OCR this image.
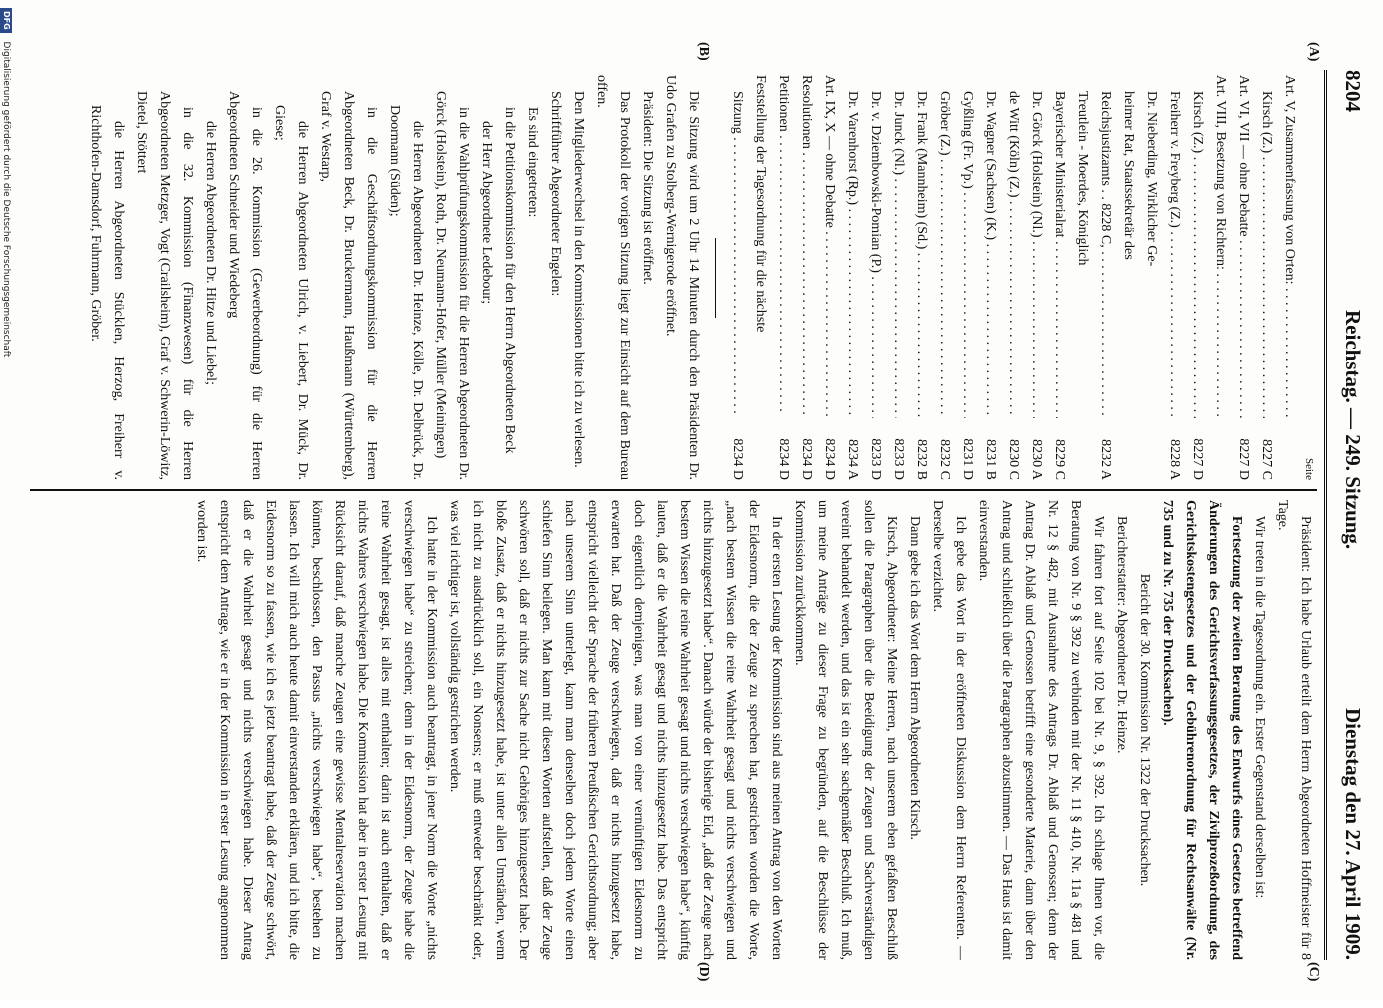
8204
Reichstag. — 249. Sitzung.
Dienstag den 27. April 1909.
(A)
(B)
(C)
(D)
Seite
Art. V, Zusammenfassung von Orten: . . .
Kirsch (Z.) . . .
8227 C
Art. VI, VII — ohne Debatte . . .
8227 D
Art. VIII, Besetzung von Richtern: . . .
Kirsch (Z.) . . .
8227 D
Freiherr v. Freyberg (Z.) . . .
8228 A
Dr. Nieberding, Wirklicher Ge-
heimer Rat, Staatssekretär des
Reichsjustizamts . . 8228 C, . . .
8232 A
Treutlein - Moerdes, Königlich
Bayerischer Ministerialrat . . .
8229 C
Dr. Görck (Holstein) (Nl.) . . .
8230 A
de Witt (Köln) (Z.) . . .
8230 C
Dr. Wagner (Sachsen) (K.) . . .
8231 B
Gyßling (Fr. Vp.) . . .
8231 D
Gröber (Z.) . . .
8232 C
Dr. Frank (Mannheim) (Sd.) . . .
8232 B
Dr. Junck (Nl.) . . .
8233 D
Dr. v. Dziembowski-Pomian (P.) . . .
8233 D
Dr. Varenhorst (Rp.) . . .
8234 A
Art. IX, X — ohne Debatte . . .
8234 D
Resolutionen . . .
8234 D
Petitionen . . .
8234 D
Feststellung der Tagesordnung für die nächste
Sitzung . . .
8234 D

Die Sitzung wird um 2 Uhr 14 Minuten durch den Präsidenten Dr. Udo Grafen zu Stolberg-Wernigerode eröffnet.

Präsident: Die Sitzung ist eröffnet.

Das Protokoll der vorigen Sitzung liegt zur Einsicht auf dem Bureau offen.

Den Mitgliederwechsel in den Kommissionen bitte ich zu verlesen.

Schriftführer Abgeordneter Engelen:

Es sind eingetreten:

in die Petitionskommission für den Herrn Abgeordneten Beck

der Herr Abgeordnete Ledebour;

in die Wahlprüfungskommission für die Herren Abgeordneten Dr. Görck (Holstein), Roth, Dr. Neumann-Hofer, Müller (Meiningen)

die Herren Abgeordneten Dr. Heinze, Kölle, Dr. Delbrück, Dr. Doormann (Süden);

in die Geschäftsordnungskommission für die Herren Abgeordneten Beck, Dr. Bruckermann, Haußmann (Württemberg), Graf v. Westarp,

die Herren Abgeordneten Ulrich, v. Liebert, Dr. Mück, Dr. Giese;

in die 26. Kommission (Gewerbeordnung) für die Herren Abgeordneten Schneider und Wiedeberg

die Herren Abgeordneten Dr. Hitze und Liebel;

in die 32. Kommission (Finanzwesen) für die Herren Abgeordneten Metzger, Vogt (Crailsheim), Graf v. Schwerin-Löwitz, Dietel, Stöttert

die Herren Abgeordneten Stücklen, Herzog, Freiherr v. Richthofen-Damsdorf, Fuhrmann, Gröber.

Präsident: Ich habe Urlaub erteilt dem Herrn Abgeordneten Hoffmeister für 8 Tage.

Wir treten in die Tagesordnung ein. Erster Gegenstand derselben ist:

Fortsetzung der zweiten Beratung des Entwurfs eines Gesetzes betreffend Änderungen des Gerichtsverfassungsgesetzes, der Zivilprozeßordnung, des Gerichtskostengesetzes und der Gebührenordnung für Rechtsanwälte (Nr. 735 und zu Nr. 735 der Drucksachen).

Bericht der 30. Kommission Nr. 1322 der Drucksachen.

Berichterstatter: Abgeordneter Dr. Heinze.

Wir fahren fort auf Seite 102 bei Nr. 9, § 392. Ich schlage Ihnen vor, die Beratung von Nr. 9 § 392 zu verbinden mit der Nr. 11 § 410, Nr. 11a § 481 und Nr. 12 § 482, mit Ausnahme des Antrags Dr. Ablaß und Genossen; denn der Antrag Dr. Ablaß und Genossen betrifft eine gesonderte Materie, dann über den Antrag und schließlich über die Paragraphen abzustimmen. — Das Haus ist damit einverstanden.

Ich gebe das Wort in der eröffneten Diskussion dem Herrn Referenten. — Derselbe verzichtet.

Dann gebe ich das Wort dem Herrn Abgeordneten Kirsch.

Kirsch, Abgeordneter: Meine Herren, nach unserem eben gefaßten Beschluß sollen die Paragraphen über die Beeidigung der Zeugen und Sachverständigen vereint behandelt werden, und das ist ein sehr sachgemäßer Beschluß. Ich muß, um meine Anträge zu dieser Frage zu begründen, auf die Beschlüsse der Kommission zurückkommen.

In der ersten Lesung der Kommission sind aus meinen Antrag von den Worten der Eidesnorm, die der Zeuge zu sprechen hat, gestrichen worden die Worte, „nach bestem Wissen die reine Wahrheit gesagt und nichts verschwiegen und nichts hinzugesetzt habe“. Danach würde der bisherige Eid, „daß der Zeuge nach bestem Wissen die reine Wahrheit gesagt und nichts verschwiegen habe“, künftig lauten, daß er die Wahrheit gesagt und nichts hinzugesetzt habe. Das entspricht doch eigentlich demjenigen, was man von einer vernünftigen Eidesnorm zu erwarten hat. Daß der Zeuge verschwiegen, daß er nichts hinzugesetzt habe, entspricht vielleicht der Sprache der früheren Preußischen Gerichtsordnung; aber nach unserem Sinn unterlegt, kann man denselben doch jedem Worte einen schiefen Sinn beilegen. Man kann mit diesen Worten aufstellen, daß der Zeuge schwören soll, daß er nichts zur Sache nicht Gehöriges hinzugesetzt habe. Der bloße Zusatz, daß er nichts hinzugesetzt habe, ist unter allen Umständen, wenn ich nicht zu ausdrücklich soll, ein Nonsens; er muß entweder beschränkt oder, was viel richtiger ist, vollständig gestrichen werden.

Ich hatte in der Kommission auch beantragt, in jener Norm die Worte „nichts verschwiegen habe“ zu streichen; denn in der Eidesnorm, der Zeuge habe die reine Wahrheit gesagt, ist alles mit enthalten; darin ist auch enthalten, daß er nichts Wahres verschwiegen habe. Die Kommission hat aber in erster Lesung mit Rücksicht darauf, daß manche Zeugen eine gewisse Mentalreservation machen könnten, beschlossen, den Passus „nichts verschwiegen habe“, bestehen zu lassen. Ich will mich auch heute damit einverstanden erklären, und ich bitte, die Eidesnorm so zu fassen, wie ich es jetzt beantragt habe, daß der Zeuge schwört, daß er die Wahrheit gesagt und nichts verschwiegen habe. Dieser Antrag entspricht dem Antrage, wie er in der Kommission in erster Lesung angenommen worden ist.

DFG Digitalisierung gefördert durch die Deutsche Forschungsgemeinschaft
